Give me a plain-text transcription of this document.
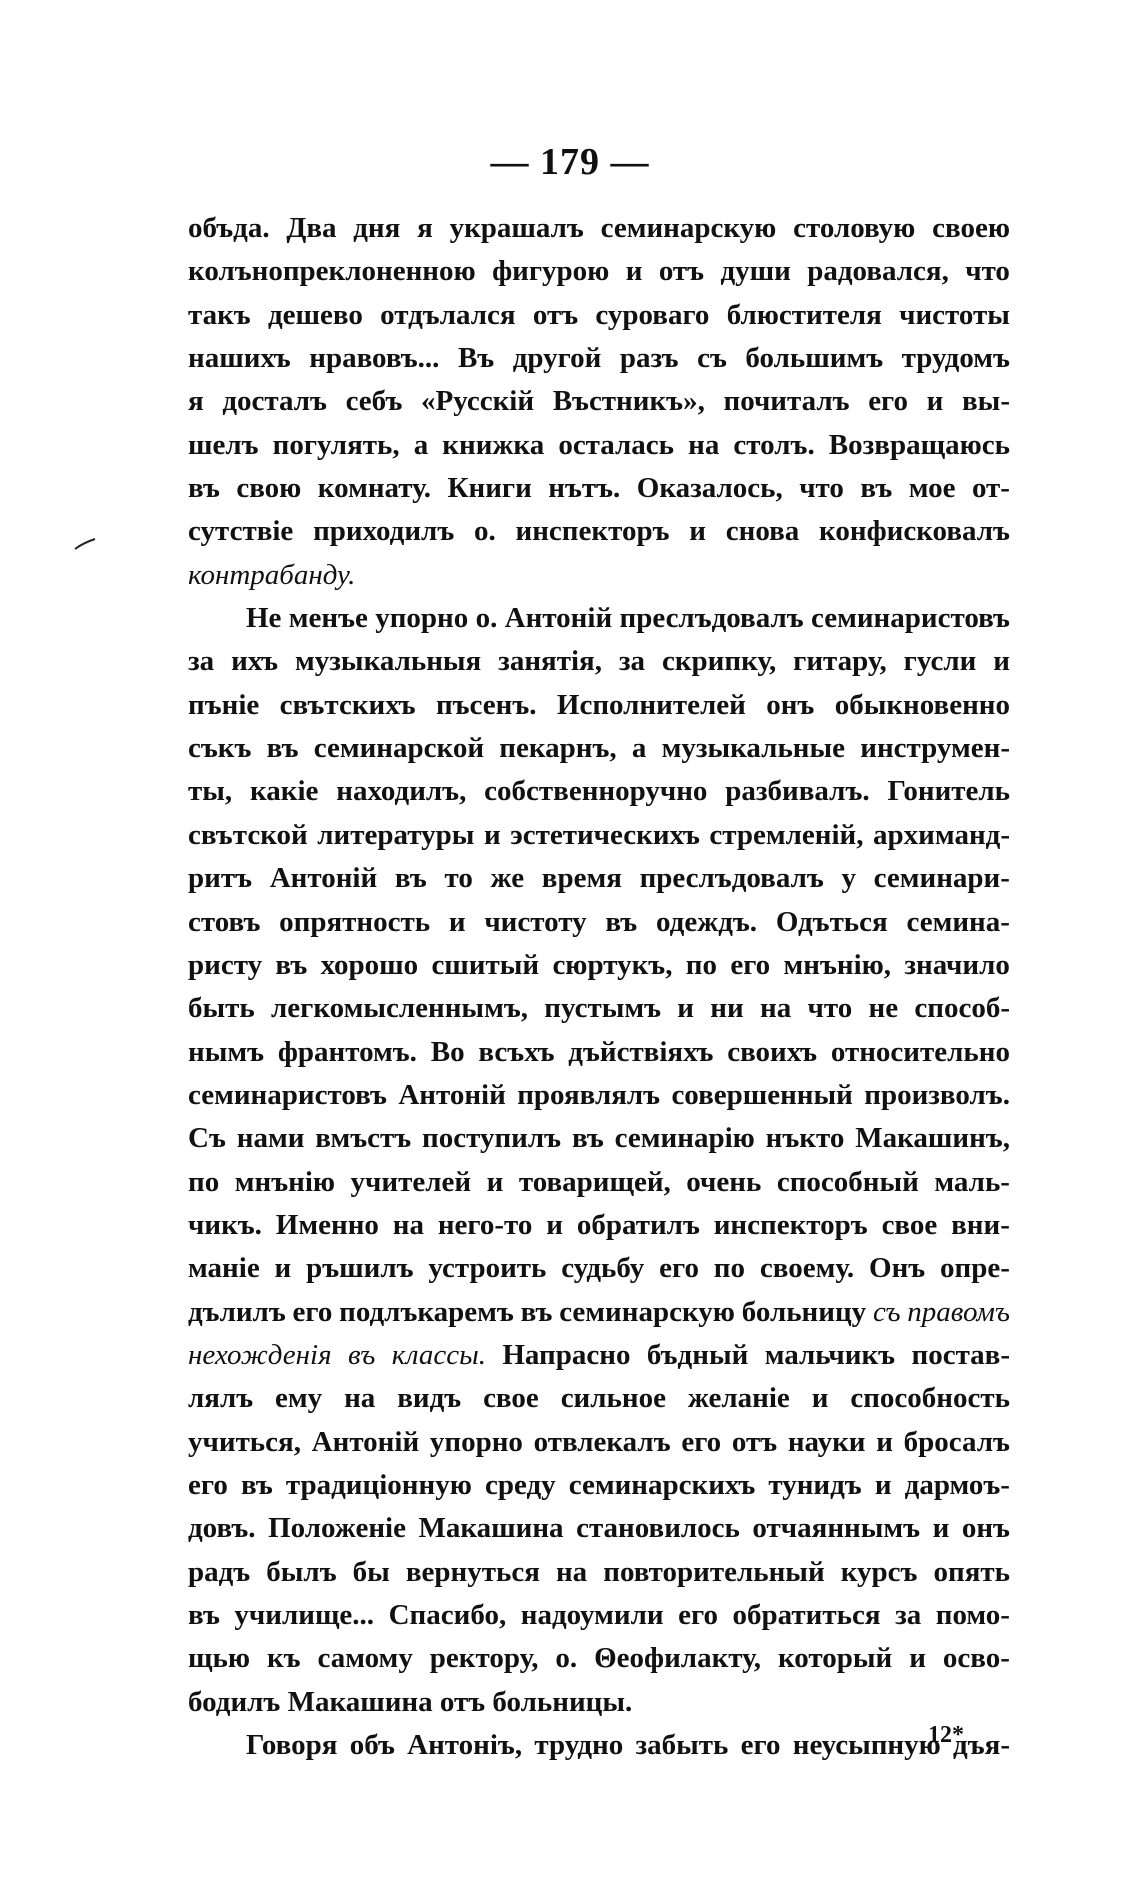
— 179 —
объда. Два дня я украшалъ семинарскую столовую своею
колънопреклоненною фигурою и отъ души радовался, что
такъ дешево отдълался отъ суроваго блюстителя чистоты
нашихъ нравовъ... Въ другой разъ съ большимъ трудомъ
я досталъ себъ «Русскій Въстникъ», почиталъ его и вы-
шелъ погулять, а книжка осталась на столъ. Возвращаюсь
въ свою комнату. Книги нътъ. Оказалось, что въ мое от-
сутствіе приходилъ о. инспекторъ и снова конфисковалъ
контрабанду.
Не менъе упорно о. Антоній преслъдовалъ семинаристовъ
за ихъ музыкальныя занятія, за скрипку, гитару, гусли и
пъніе свътскихъ пъсенъ. Исполнителей онъ обыкновенно
съкъ въ семинарской пекарнъ, а музыкальные инструмен-
ты, какіе находилъ, собственноручно разбивалъ. Гонитель
свътской литературы и эстетическихъ стремленій, архиманд-
ритъ Антоній въ то же время преслъдовалъ у семинари-
стовъ опрятность и чистоту въ одеждъ. Одъться семина-
ристу въ хорошо сшитый сюртукъ, по его мнънію, значило
быть легкомысленнымъ, пустымъ и ни на что не способ-
нымъ франтомъ. Во всъхъ дъйствіяхъ своихъ относительно
семинаристовъ Антоній проявлялъ совершенный произволъ.
Съ нами вмъстъ поступилъ въ семинарію нъкто Макашинъ,
по мнънію учителей и товарищей, очень способный маль-
чикъ. Именно на него-то и обратилъ инспекторъ свое вни-
маніе и ръшилъ устроить судьбу его по своему. Онъ опре-
дълилъ его подлъкаремъ въ семинарскую больницу съ правомъ
нехожденія въ классы. Напрасно бъдный мальчикъ постав-
лялъ ему на видъ свое сильное желаніе и способность
учиться, Антоній упорно отвлекалъ его отъ науки и бросалъ
его въ традиціонную среду семинарскихъ тунидъ и дармоъ-
довъ. Положеніе Макашина становилось отчаяннымъ и онъ
радъ былъ бы вернуться на повторительный курсъ опять
въ училище... Спасибо, надоумили его обратиться за помо-
щью къ самому ректору, о. Θеофилакту, который и осво-
бодилъ Макашина отъ больницы.
Говоря объ Антоніъ, трудно забыть его неусыпную дъя-
12*
